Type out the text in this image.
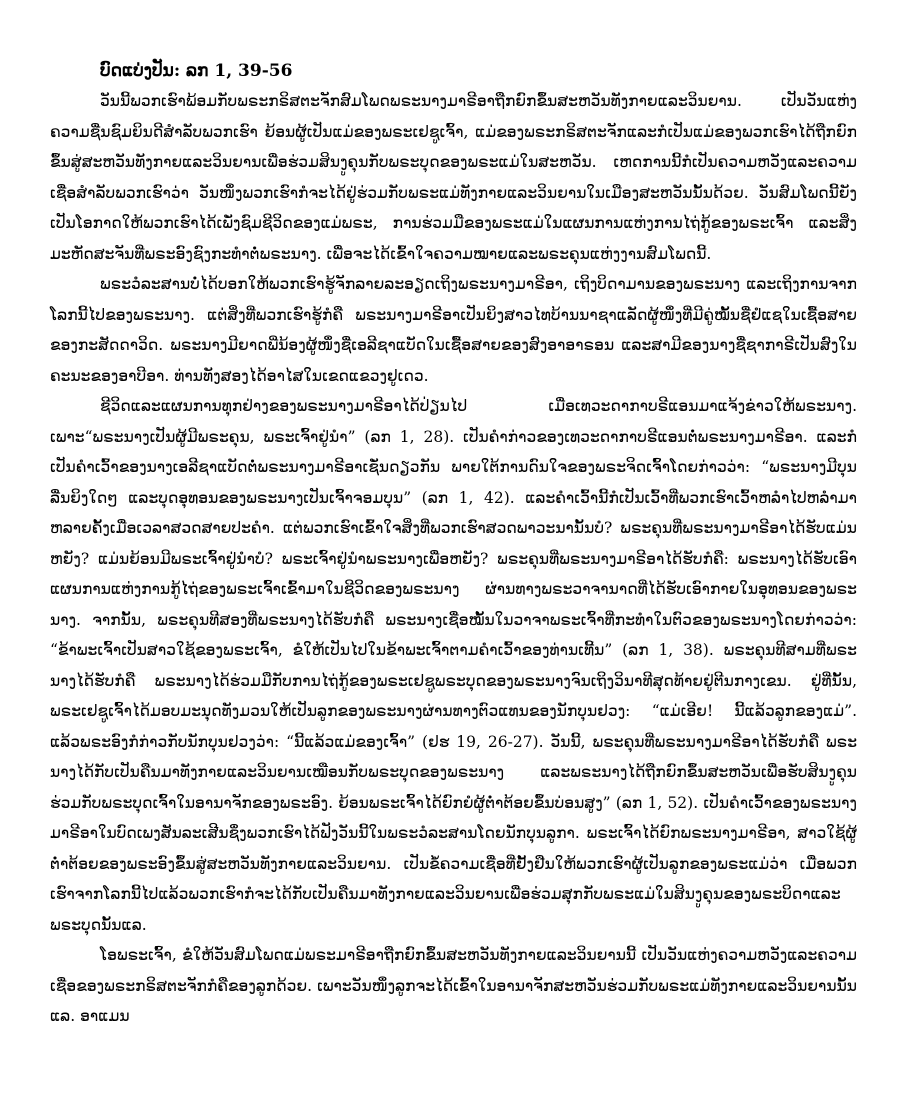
ບົດແບ່ງປັນ: ລກ 1, 39-56

ວັນນີ້ພວກເຮົາພ້ອມກັບພຣະກຣິສຕະຈັກສົມໂພດພຣະນາງມາຣີອາຖືກຍົກຂຶ້ນສະຫວັນທັງກາຍແລະວິນຍານ. ເປັນວັນແຫ່ງຄວາມຊື່ນຊົມຍິນດີສຳລັບພວກເຮົາ ຍ້ອນຜູ້ເປັນແມ່ຂອງພຣະເຢຊູເຈົ້າ, ແມ່ຂອງພຣະກຣິສຕະຈັກແລະກໍເປັນແມ່ຂອງພວກເຮົາໄດ້ຖືກຍົກຂຶ້ນສູ່ສະຫວັນທັງກາຍແລະວິນຍານເພື່ອຮ່ວມສິນງູຄຸນກັບພຣະບຸດຂອງພຣະແມ່ໃນສະຫວັນ. ເຫດການນີ້ກໍເປັນຄວາມຫວັງແລະຄວາມເຊື່ອສຳລັບພວກເຮົາວ່າ ວັນໜຶ່ງພວກເຮົາກໍຈະໄດ້ຢູ່ຮ່ວມກັບພຣະແມ່ທັງກາຍແລະວິນຍານໃນເມືອງສະຫວັນນັ້ນດ້ວຍ. ວັນສົມໂພດນີ້ຍັງເປັນໂອກາດໃຫ້ພວກເຮົາໄດ້ເພັ່ງຊົມຊີວິດຂອງແມ່ພຣະ, ການຮ່ວມມືຂອງພຣະແມ່ໃນແຜນການແຫ່ງການໄຖ່ກູ້ຂອງພຣະເຈົ້າ ແລະສິ່ງມະຫັດສະຈັນທີ່ພຣະອົງຊົງກະທຳຕໍ່ພຣະນາງ. ເພື່ອຈະໄດ້ເຂົ້າໃຈຄວາມໝາຍແລະພຣະຄຸນແຫ່ງງານສົມໂພດນີ້.

ພຣະວໍລະສານບໍ່ໄດ້ບອກໃຫ້ພວກເຮົາຮູ້ຈັກລາຍລະອຽດເຖິງພຣະນາງມາຣີອາ, ເຖິງບິດາມານຂອງພຣະນາງ ແລະເຖິງການຈາກໂລກນີ້ໄປຂອງພຣະນາງ. ແຕ່ສິ່ງທີ່ພວກເຮົາຮູ້ກໍຄື ພຣະນາງມາຣີອາເປັນຍິງສາວໄທບ້ານນາຊາແລັດຜູ້ໜຶ່ງທີ່ມີຄູ່ໝັ້ນຊື່ຢໍແຊໃນເຊື້ອສາຍຂອງກະສັດດາວິດ. ພຣະນາງມີຍາດພີ່ນ້ອງຜູ້ໜຶ່ງຊື່ເອລີຊາແບັດໃນເຊື້ອສາຍຂອງສົງອາອາຣອນ ແລະສາມີຂອງນາງຊື່ຊາກາຣີເປັນສົງໃນຄະນະຂອງອາບີອາ. ທ່ານທັງສອງໄດ້ອາໄສໃນເຂດແຂວງຢູເດວ.

ຊີວິດແລະແຜນການທຸກຢ່າງຂອງພຣະນາງມາຣີອາໄດ້ປ່ຽນໄປ ເມື່ອເທວະດາກາບຣີແອນມາແຈ້ງຂ່າວໃຫ້ພຣະນາງ. ເພາະ“ພຣະນາງເປັນຜູ້ມີພຣະຄຸນ, ພຣະເຈົ້າຢູ່ນຳ” (ລກ 1, 28). ເປັນຄຳກ່າວຂອງເທວະດາກາບຣີແອນຕໍ່ພຣະນາງມາຣີອາ. ແລະກໍເປັນຄຳເວົ້າຂອງນາງເອລີຊາແບັດຕໍ່ພຣະນາງມາຣີອາເຊັ່ນດຽວກັນ ພາຍໃຕ້ການດົນໃຈຂອງພຣະຈິດເຈົ້າໂດຍກ່າວວ່າ: “ພຣະນາງມີບຸນລື່ນຍິງໃດໆ ແລະບຸດອຸທອນຂອງພຣະນາງເປັນເຈົ້າຈອມບຸນ” (ລກ 1, 42). ແລະຄຳເວົ້ານີ້ກໍເປັນເວົ້າທີ່ພວກເຮົາເວົ້າຫລໍາໄປຫລໍາມາຫລາຍຄັ້ງເມື່ອເວລາສວດສາຍປະຄຳ. ແຕ່ພວກເຮົາເຂົ້າໃຈສິ່ງທີ່ພວກເຮົາສວດພາວະນານັ້ນບໍ? ພຣະຄຸນທີ່ພຣະນາງມາຣີອາໄດ້ຮັບແມ່ນຫຍັງ? ແມ່ນຍ້ອນມີພຣະເຈົ້າຢູ່ນຳບໍ? ພຣະເຈົ້າຢູ່ນຳພຣະນາງເພື່ອຫຍັງ? ພຣະຄຸນທີ່ພຣະນາງມາຣີອາໄດ້ຮັບກໍຄື: ພຣະນາງໄດ້ຮັບເອົາແຜນການແຫ່ງການກູ້ໄຖ່ຂອງພຣະເຈົ້າເຂົ້າມາໃນຊີວິດຂອງພຣະນາງ ຜ່ານທາງພຣະວາຈານາດທີ່ໄດ້ຮັບເອົາກາຍໃນອຸທອນຂອງພຣະນາງ. ຈາກນັ້ນ, ພຣະຄຸນທີສອງທີ່ພຣະນາງໄດ້ຮັບກໍຄື ພຣະນາງເຊື່ອໝັ້ນໃນວາຈາພຣະເຈົ້າທີ່ກະທຳໃນຕົວຂອງພຣະນາງໂດຍກ່າວວ່າ: “ຂ້າພະເຈົ້າເປັນສາວໃຊ້ຂອງພຣະເຈົ້າ, ຂໍໃຫ້ເປັນໄປໃນຂ້າພະເຈົ້າຕາມຄຳເວົ້າຂອງທ່ານເທີ້ນ” (ລກ 1, 38). ພຣະຄຸນທີສາມທີ່ພຣະນາງໄດ້ຮັບກໍຄື ພຣະນາງໄດ້ຮ່ວມມືກັບການໄຖ່ກູ້ຂອງພຣະເຢຊູພຣະບຸດຂອງພຣະນາງຈົນເຖິງວິນາທີສຸດທ້າຍຢູ່ຕີນກາງເຂນ. ຢູ່ທີ່ນັ້ນ, ພຣະເຢຊູເຈົ້າໄດ້ມອບມະນຸດທັງມວນໃຫ້ເປັນລູກຂອງພຣະນາງຜ່ານທາງຕົວແທນຂອງນັກບຸນຢວງ: “ແມ່ເອີຍ! ນີ້ແລ້ວລູກຂອງແມ່”. ແລ້ວພຣະອົງກໍກ່າວກັບນັກບຸນຢວງວ່າ: “ນີ້ແລ້ວແມ່ຂອງເຈົ້າ” (ຢຮ 19, 26-27). ວັນນີ້, ພຣະຄຸນທີ່ພຣະນາງມາຣີອາໄດ້ຮັບກໍຄື ພຣະນາງໄດ້ກັບເປັນຄືນມາທັງກາຍແລະວິນຍານເໝືອນກັບພຣະບຸດຂອງພຣະນາງ ແລະພຣະນາງໄດ້ຖືກຍົກຂຶ້ນສະຫວັນເພື່ອຮັບສິນງູຄຸນຮ່ວມກັບພຣະບຸດເຈົ້າໃນອານາຈັກຂອງພຣະອົງ. ຍ້ອນພຣະເຈົ້າໄດ້ຍົກຍໍຜູ້ຕ່ຳຕ້ອຍຂຶ້ນບ່ອນສູງ” (ລກ 1, 52). ເປັນຄຳເວົ້າຂອງພຣະນາງມາຣີອາໃນບົດເພງສັນລະເສີນຊຶ່ງພວກເຮົາໄດ້ຟັງວັນນີ້ໃນພຣະວໍລະສານໂດຍນັກບຸນລູກາ. ພຣະເຈົ້າໄດ້ຍົກພຣະນາງມາຣີອາ, ສາວໃຊ້ຜູ້ຕ່ຳຕ້ອຍຂອງພຣະອົງຂຶ້ນສູ່ສະຫວັນທັງກາຍແລະວິນຍານ. ເປັນຂໍ້ຄວາມເຊື່ອທີ່ຢັ້ງຢືນໃຫ້ພວກເຮົາຜູ້ເປັນລູກຂອງພຣະແມ່ວ່າ ເມື່ອພວກເຮົາຈາກໂລກນີ້ໄປແລ້ວພວກເຮົາກໍຈະໄດ້ກັບເປັນຄືນມາທັງກາຍແລະວິນຍານເພື່ອຮ່ວມສຸກກັບພຣະແມ່ໃນສິນງູຄຸນຂອງພຣະບິດາແລະພຣະບຸດນັ້ນແລ.

ໂອພຣະເຈົ້າ, ຂໍໃຫ້ວັນສົມໂພດແມ່ພຣະມາຣີອາຖືກຍົກຂຶ້ນສະຫວັນທັງກາຍແລະວິນຍານນີ້ ເປັນວັນແຫ່ງຄວາມຫວັງແລະຄວາມເຊື່ອຂອງພຣະກຣິສຕະຈັກກໍຄືຂອງລູກດ້ວຍ. ເພາະວັນໜຶ່ງລູກຈະໄດ້ເຂົ້າໃນອານາຈັກສະຫວັນຮ່ວມກັບພຣະແມ່ທັງກາຍແລະວິນຍານນັ້ນແລ. ອາແມນ
